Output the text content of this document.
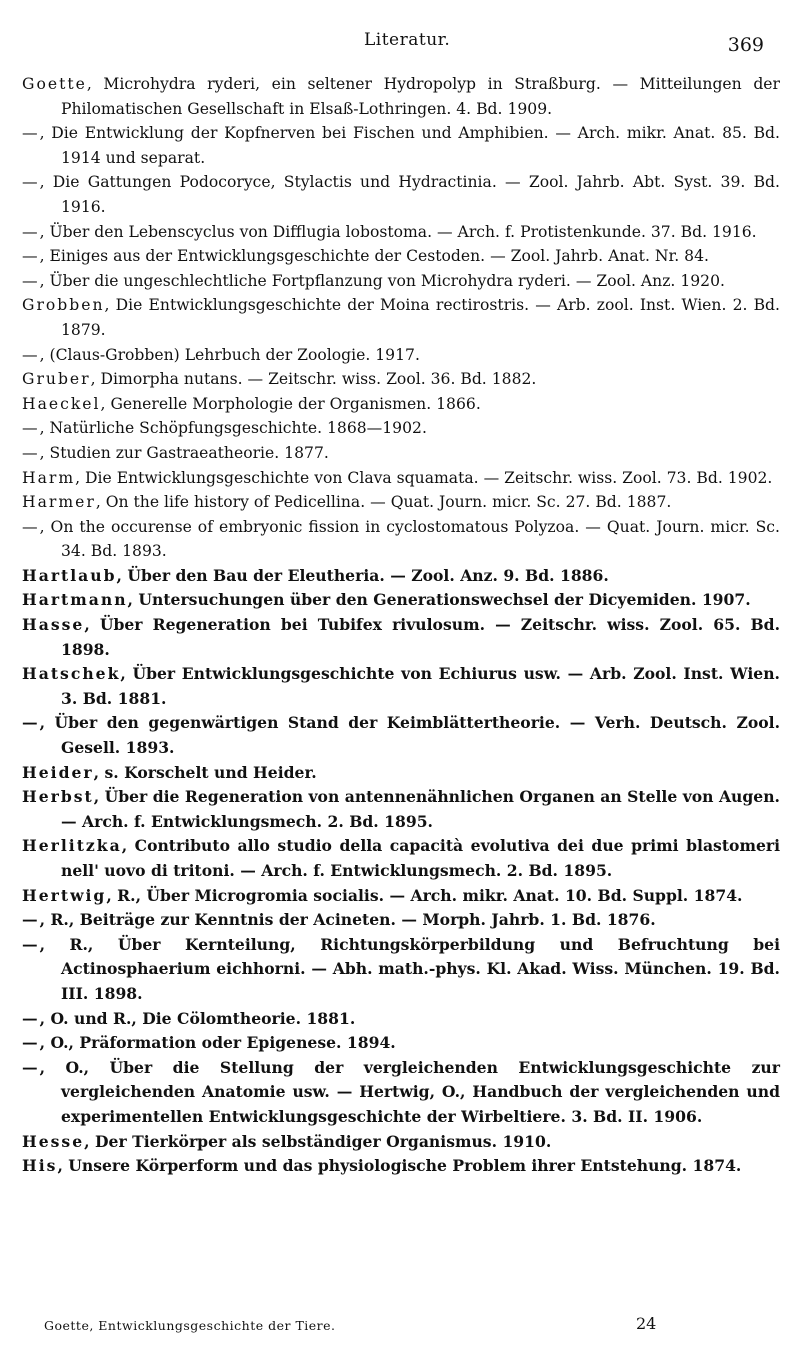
Literatur.	369
Goette, Microhydra ryderi, ein seltener Hydropolyp in Straßburg. — Mitteilungen der Philomatischen Gesellschaft in Elsaß-Lothringen. 4. Bd. 1909.
—, Die Entwicklung der Kopfnerven bei Fischen und Amphibien. — Arch. mikr. Anat. 85. Bd. 1914 und separat.
—, Die Gattungen Podocoryce, Stylactis und Hydractinia. — Zool. Jahrb. Abt. Syst. 39. Bd. 1916.
—, Über den Lebenscyclus von Difflugia lobostoma. — Arch. f. Protistenkunde. 37. Bd. 1916.
—, Einiges aus der Entwicklungsgeschichte der Cestoden. — Zool. Jahrb. Anat. Nr. 84.
—, Über die ungeschlechtliche Fortpflanzung von Microhydra ryderi. — Zool. Anz. 1920.
Grobben, Die Entwicklungsgeschichte der Moina rectirostris. — Arb. zool. Inst. Wien. 2. Bd. 1879.
—, (Claus-Grobben) Lehrbuch der Zoologie. 1917.
Gruber, Dimorpha nutans. — Zeitschr. wiss. Zool. 36. Bd. 1882.
Haeckel, Generelle Morphologie der Organismen. 1866.
—, Natürliche Schöpfungsgeschichte. 1868—1902.
—, Studien zur Gastraeatheorie. 1877.
Harm, Die Entwicklungsgeschichte von Clava squamata. — Zeitschr. wiss. Zool. 73. Bd. 1902.
Harmer, On the life history of Pedicellina. — Quat. Journ. micr. Sc. 27. Bd. 1887.
—, On the occurense of embryonic fission in cyclostomatous Polyzoa. — Quat. Journ. micr. Sc. 34. Bd. 1893.
Hartlaub, Über den Bau der Eleutheria. — Zool. Anz. 9. Bd. 1886.
Hartmann, Untersuchungen über den Generationswechsel der Dicyemiden. 1907.
Hasse, Über Regeneration bei Tubifex rivulosum. — Zeitschr. wiss. Zool. 65. Bd. 1898.
Hatschek, Über Entwicklungsgeschichte von Echiurus usw. — Arb. Zool. Inst. Wien. 3. Bd. 1881.
—, Über den gegenwärtigen Stand der Keimblättertheorie. — Verh. Deutsch. Zool. Gesell. 1893.
Heider, s. Korschelt und Heider.
Herbst, Über die Regeneration von antennenähnlichen Organen an Stelle von Augen. — Arch. f. Entwicklungsmech. 2. Bd. 1895.
Herlitzka, Contributo allo studio della capacità evolutiva dei due primi blastomeri nell' uovo di tritoni. — Arch. f. Entwicklungsmech. 2. Bd. 1895.
Hertwig, R., Über Microgromia socialis. — Arch. mikr. Anat. 10. Bd. Suppl. 1874.
—, R., Beiträge zur Kenntnis der Acineten. — Morph. Jahrb. 1. Bd. 1876.
—, R., Über Kernteilung, Richtungskörperbildung und Befruchtung bei Actinosphaerium eichhorni. — Abh. math.-phys. Kl. Akad. Wiss. München. 19. Bd. III. 1898.
—, O. und R., Die Cölomtheorie. 1881.
—, O., Präformation oder Epigenese. 1894.
—, O., Über die Stellung der vergleichenden Entwicklungsgeschichte zur vergleichenden Anatomie usw. — Hertwig, O., Handbuch der vergleichenden und experimentellen Entwicklungsgeschichte der Wirbeltiere. 3. Bd. II. 1906.
Hesse, Der Tierkörper als selbständiger Organismus. 1910.
His, Unsere Körperform und das physiologische Problem ihrer Entstehung. 1874.
Goette, Entwicklungsgeschichte der Tiere.	24
